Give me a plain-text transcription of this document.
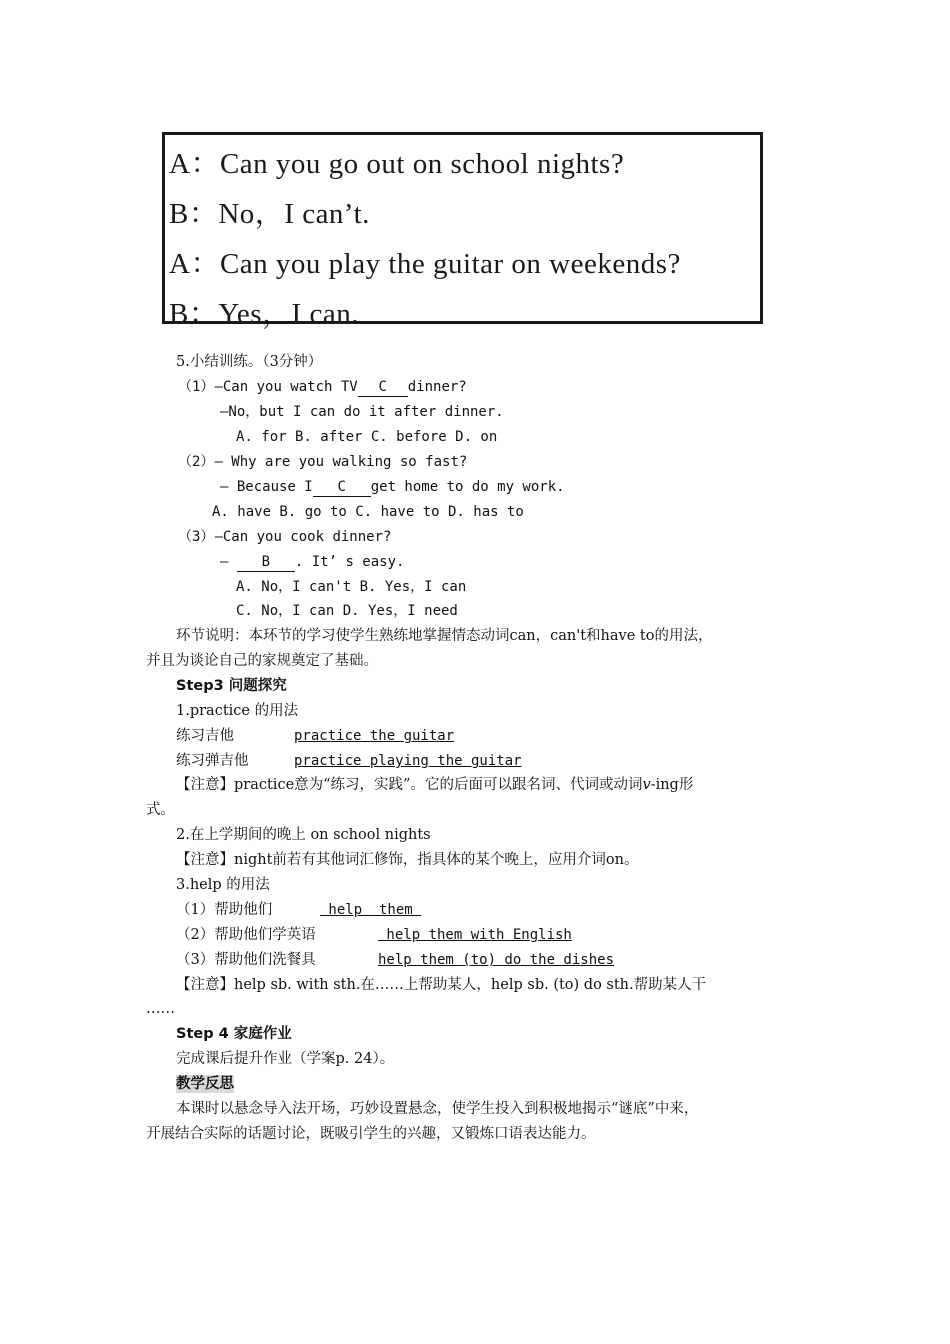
A：Can you go out on school nights?
B：No，I can’t.
A：Can you play the guitar on weekends?
B：Yes，I can.
5.小结训练。（3分钟）
（1）—Can you watch TV C dinner?
—No，but I can do it after dinner.
A. for B. after C. before D. on
（2）— Why are you walking so fast?
— Because I C get home to do my work.
A. have B. go to C. have to D. has to
（3）—Can you cook dinner?
— B . It’ s easy.
A. No，I can't B. Yes，I can
C. No，I can D. Yes，I need
环节说明：本环节的学习使学生熟练地掌握情态动词can，can't和have to的用法，
并且为谈论自己的家规奠定了基础。
Step3 问题探究
1.practice 的用法
练习吉他	practice the guitar
练习弹吉他	practice playing the guitar
【注意】practice意为“练习，实践”。它的后面可以跟名词、代词或动词v-ing形
式。
2.在上学期间的晚上 on school nights
【注意】night前若有其他词汇修饰，指具体的某个晚上，应用介词on。
3.help 的用法
（1）帮助他们	help  them
（2）帮助他们学英语	help them with English
（3）帮助他们洗餐具	help them (to) do the dishes
【注意】help sb. with sth.在……上帮助某人，help sb. (to) do sth.帮助某人干
……
Step 4 家庭作业
完成课后提升作业（学案p. 24）。
教学反思
本课时以悬念导入法开场，巧妙设置悬念，使学生投入到积极地揭示“谜底”中来，
开展结合实际的话题讨论，既吸引学生的兴趣，又锻炼口语表达能力。
